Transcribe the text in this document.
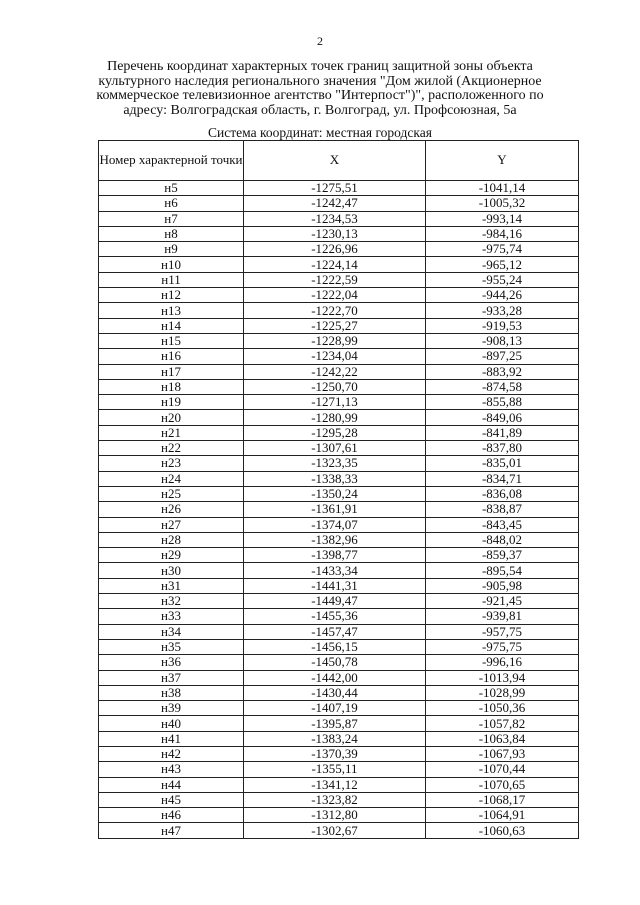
2
Перечень координат характерных точек границ защитной зоны объекта культурного наследия регионального значения "Дом жилой (Акционерное коммерческое телевизионное агентство "Интерпост")", расположенного по адресу: Волгоградская область, г. Волгоград, ул. Профсоюзная, 5а
Система координат: местная городская
Номер характерной точки	X	Y
н5	-1275,51	-1041,14
н6	-1242,47	-1005,32
н7	-1234,53	-993,14
н8	-1230,13	-984,16
н9	-1226,96	-975,74
н10	-1224,14	-965,12
н11	-1222,59	-955,24
н12	-1222,04	-944,26
н13	-1222,70	-933,28
н14	-1225,27	-919,53
н15	-1228,99	-908,13
н16	-1234,04	-897,25
н17	-1242,22	-883,92
н18	-1250,70	-874,58
н19	-1271,13	-855,88
н20	-1280,99	-849,06
н21	-1295,28	-841,89
н22	-1307,61	-837,80
н23	-1323,35	-835,01
н24	-1338,33	-834,71
н25	-1350,24	-836,08
н26	-1361,91	-838,87
н27	-1374,07	-843,45
н28	-1382,96	-848,02
н29	-1398,77	-859,37
н30	-1433,34	-895,54
н31	-1441,31	-905,98
н32	-1449,47	-921,45
н33	-1455,36	-939,81
н34	-1457,47	-957,75
н35	-1456,15	-975,75
н36	-1450,78	-996,16
н37	-1442,00	-1013,94
н38	-1430,44	-1028,99
н39	-1407,19	-1050,36
н40	-1395,87	-1057,82
н41	-1383,24	-1063,84
н42	-1370,39	-1067,93
н43	-1355,11	-1070,44
н44	-1341,12	-1070,65
н45	-1323,82	-1068,17
н46	-1312,80	-1064,91
н47	-1302,67	-1060,63
